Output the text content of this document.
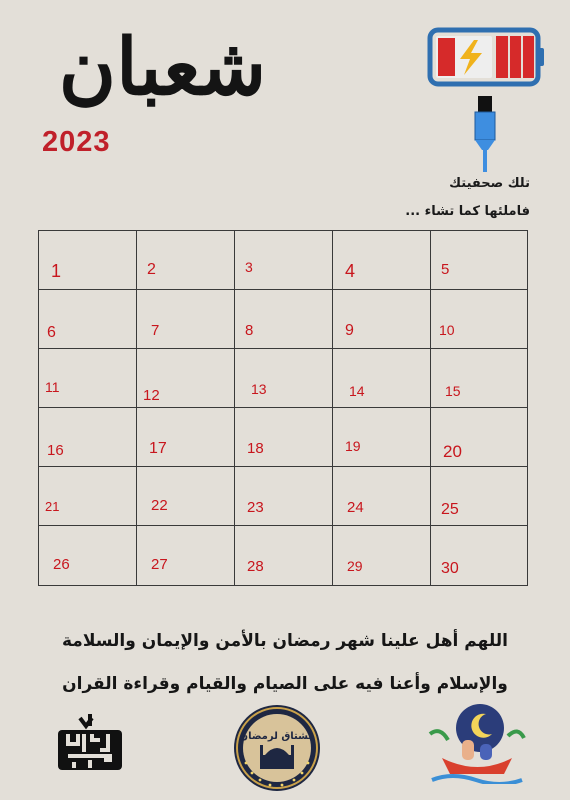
شعبان
2023
تلك صحفيتك
فاملئها كما تشاء ...
1	2	3	4	5
6	7	8	9	10
11	12	13	14	15
16	17	18	19	20
21	22	23	24	25
26	27	28	29	30
اللهم أهل علينا شهر رمضان بالأمن والإيمان والسلامة
والإسلام وأعنا فيه على الصيام والقيام وقراءة القران
مشتاق لرمضان
